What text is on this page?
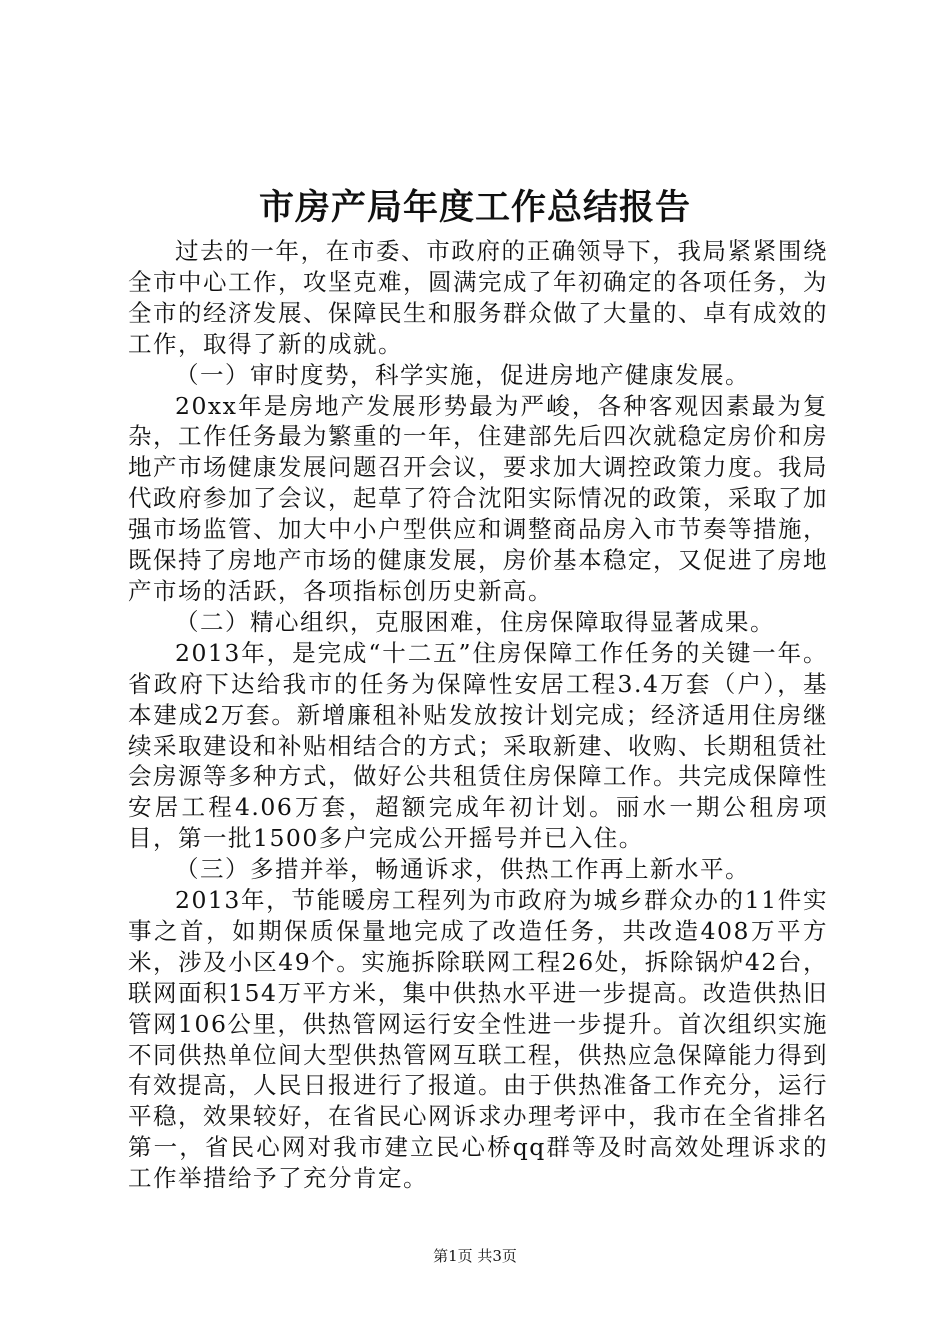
市房产局年度工作总结报告

过去的一年，在市委、市政府的正确领导下，我局紧紧围绕全市中心工作，攻坚克难，圆满完成了年初确定的各项任务，为全市的经济发展、保障民生和服务群众做了大量的、卓有成效的工作，取得了新的成就。

（一）审时度势，科学实施，促进房地产健康发展。

20xx年是房地产发展形势最为严峻，各种客观因素最为复杂，工作任务最为繁重的一年，住建部先后四次就稳定房价和房地产市场健康发展问题召开会议，要求加大调控政策力度。我局代政府参加了会议，起草了符合沈阳实际情况的政策，采取了加强市场监管、加大中小户型供应和调整商品房入市节奏等措施，既保持了房地产市场的健康发展，房价基本稳定，又促进了房地产市场的活跃，各项指标创历史新高。

（二）精心组织，克服困难，住房保障取得显著成果。

2013年，是完成“十二五”住房保障工作任务的关键一年。省政府下达给我市的任务为保障性安居工程3.4万套（户），基本建成2万套。新增廉租补贴发放按计划完成；经济适用住房继续采取建设和补贴相结合的方式；采取新建、收购、长期租赁社会房源等多种方式，做好公共租赁住房保障工作。共完成保障性安居工程4.06万套，超额完成年初计划。丽水一期公租房项目，第一批1500多户完成公开摇号并已入住。

（三）多措并举，畅通诉求，供热工作再上新水平。

2013年，节能暖房工程列为市政府为城乡群众办的11件实事之首，如期保质保量地完成了改造任务，共改造408万平方米，涉及小区49个。实施拆除联网工程26处，拆除锅炉42台，联网面积154万平方米，集中供热水平进一步提高。改造供热旧管网106公里，供热管网运行安全性进一步提升。首次组织实施不同供热单位间大型供热管网互联工程，供热应急保障能力得到有效提高，人民日报进行了报道。由于供热准备工作充分，运行平稳，效果较好，在省民心网诉求办理考评中，我市在全省排名第一，省民心网对我市建立民心桥qq群等及时高效处理诉求的工作举措给予了充分肯定。

第1页 共3页
